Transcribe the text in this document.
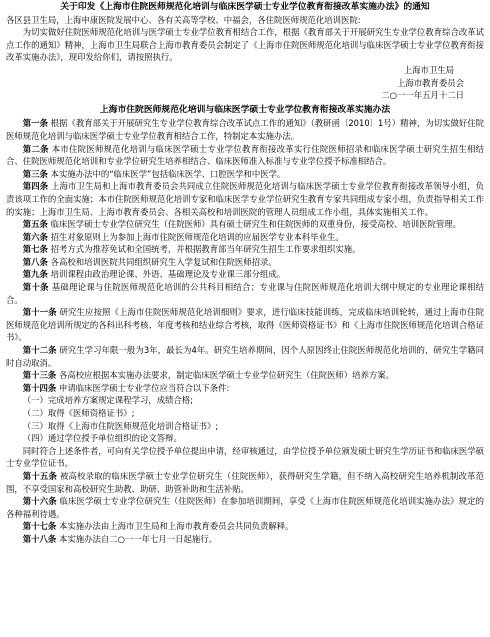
关于印发《上海市住院医师规范化培训与临床医学硕士专业学位教育衔接改革实施办法》的通知

各区县卫生局，上海申康医院发展中心、各有关高等学校、中福会，各住院医师规范化培训医院:

为切实做好住院医师规范化培训与医学硕士专业学位教育相结合工作，根据《教育部关于开展研究生专业学位教育综合改革试点工作的通知》精神，上海市卫生局联合上海市教育委员会制定了《上海市住院医师规范化培训与临床医学硕士专业学位教育衔接改革实施办法》，现印发给你们，请按照执行。

上海市卫生局

上海市教育委员会

二○一一年五月十二日

上海市住院医师规范化培训与临床医学硕士专业学位教育衔接改革实施办法

第一条 根据《教育部关于开展研究生专业学位教育综合改革试点工作的通知》（教研函〔2010〕1号）精神，为切实做好住院医师规范化培训与临床医学硕士专业学位教育相结合工作，特制定本实施办法。

第二条 本市住院医师规范化培训与临床医学硕士专业学位教育衔接改革实行住院医师招录和临床医学硕士研究生招生相结合、住院医师规范化培训和专业学位研究生培养相结合、临床医师准入标准与专业学位授予标准相结合。

第三条 本实施办法中的“临床医学”包括临床医学、口腔医学和中医学。

第四条 上海市卫生局和上海市教育委员会共同成立住院医师规范化培训与临床医学硕士专业学位教育衔接改革领导小组，负责该项工作的全面实施；本市住院医师规范化培训专家和临床医学专业学位研究生教育专家共同组成专家小组，负责指导相关工作的实施；上海市卫生局、上海市教育委员会、各相关高校和培训医院的管理人员组成工作小组，具体实施相关工作。

第五条 临床医学硕士专业学位研究生（住院医师）具有硕士研究生和住院医师的双重身份，接受高校、培训医院管理。

第六条 招生对象原则上为参加上海市住院医师规范化培训的应届医学专业本科毕业生。

第七条 招考方式为推荐免试和全国统考，并根据教育部当年研究生招生工作要求组织实施。

第八条 各高校和培训医院共同组织研究生入学复试和住院医师招录。

第九条 培训课程由政治理论课、外语、基础理论及专业课三部分组成。

第十条 基础理论课与住院医师规范化培训的公共科目相结合；专业课与住院医师规范化培训大纲中规定的专业理论课相结合。

第十一条 研究生应按照《上海市住院医师规范化培训细则》要求，进行临床技能训练，完成临床培训轮转，通过上海市住院医师规范化培训所规定的各科出科考核、年度考核和结业综合考核，取得《医师资格证书》和《上海市住院医师规范化培训合格证书》。

第十二条 研究生学习年限一般为3年，最长为4年。研究生培养期间，因个人原因终止住院医师规范化培训的，研究生学籍同时自动取消。

第十三条 各高校应根据本实施办法要求，制定临床医学硕士专业学位研究生（住院医师）培养方案。

第十四条 申请临床医学硕士专业学位应当符合以下条件:

（一）完成培养方案规定课程学习，成绩合格;

（二）取得《医师资格证书》;

（三）取得《上海市住院医师规范化培训合格证书》;

（四）通过学位授予单位组织的论文答辩。

同时符合上述条件者，可向有关学位授予单位提出申请，经审核通过，由学位授予单位颁发硕士研究生学历证书和临床医学硕士专业学位证书。

第十五条 被高校录取的临床医学硕士专业学位研究生（住院医师），获得研究生学籍，但不纳入高校研究生培养机制改革范围，不享受国家和高校研究生助教、助研、助管补助和生活补贴。

第十六条 临床医学硕士专业学位研究生（住院医师）在参加培训期间，享受《上海市住院医师规范化培训实施办法》规定的各种福利待遇。

第十七条 本实施办法由上海市卫生局和上海市教育委员会共同负责解释。

第十八条 本实施办法自二○一一年七月一日起施行。
